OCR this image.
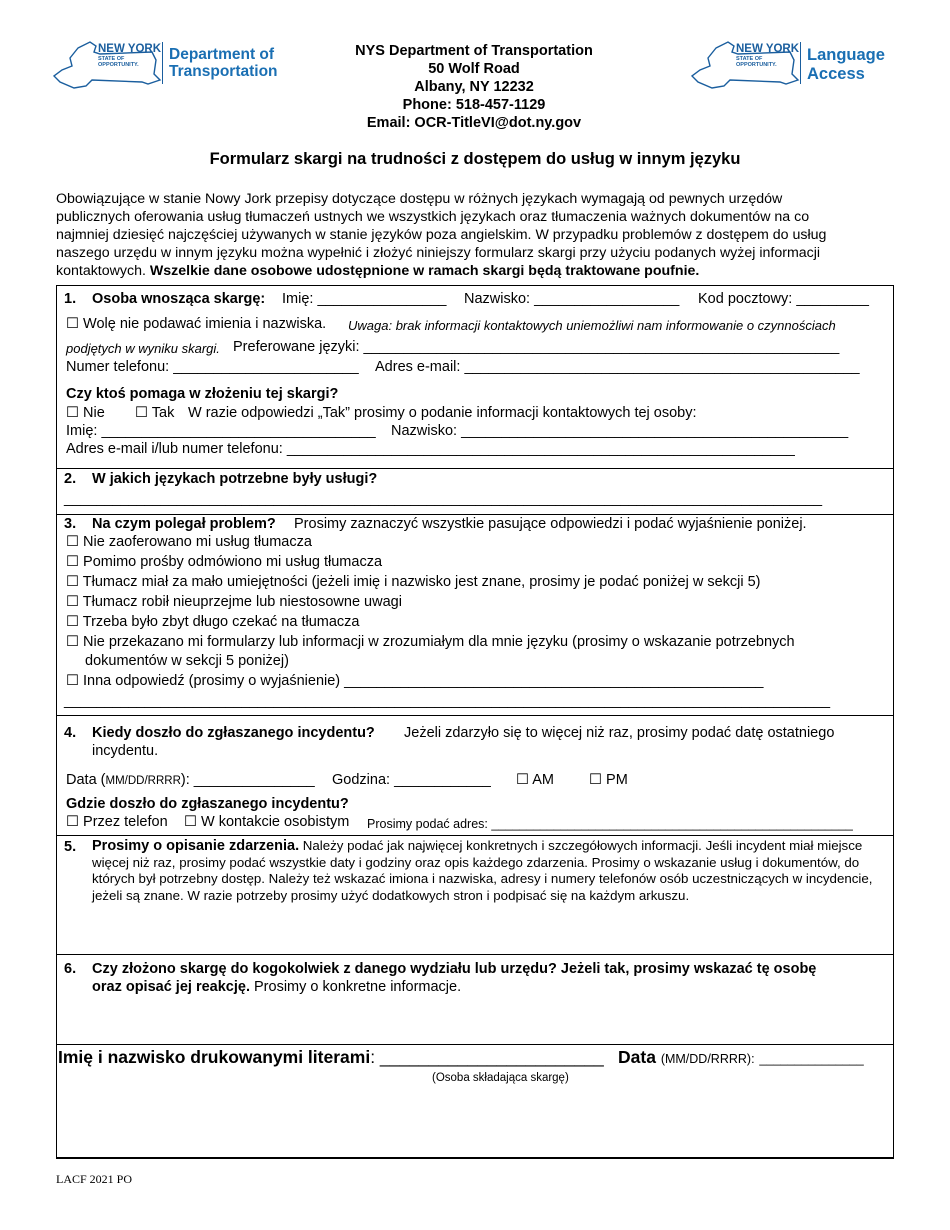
NEW YORK
STATE OF
OPPORTUNITY.
Department of
Transportation
NEW YORK
STATE OF
OPPORTUNITY.
Language
Access
NYS Department of Transportation
50 Wolf Road
Albany, NY 12232
Phone: 518-457-1129
Email: OCR-TitleVI@dot.ny.gov
Formularz skargi na trudności z dostępem do usług w innym języku
Obowiązujące w stanie Nowy Jork przepisy dotyczące dostępu w różnych językach wymagają od pewnych urzędów
publicznych oferowania usług tłumaczeń ustnych we wszystkich językach oraz tłumaczenia ważnych dokumentów na co
najmniej dziesięć najczęściej używanych w stanie języków poza angielskim. W przypadku problemów z dostępem do usług
naszego urzędu w innym języku można wypełnić i złożyć niniejszy formularz skargi przy użyciu podanych wyżej informacji
kontaktowych. Wszelkie dane osobowe udostępnione w ramach skargi będą traktowane poufnie.
1. Osoba wnosząca skargę: Imię: ________________ Nazwisko: __________________ Kod pocztowy: _________
☐ Wolę nie podawać imienia i nazwiska. Uwaga: brak informacji kontaktowych uniemożliwi nam informowanie o czynnościach
podjętych w wyniku skargi. Preferowane języki: ___________________________________________________________
Numer telefonu: _______________________ Adres e-mail: _________________________________________________
Czy ktoś pomaga w złożeniu tej skargi?
☐ Nie ☐ Tak W razie odpowiedzi „Tak” prosimy o podanie informacji kontaktowych tej osoby:
Imię: __________________________________ Nazwisko: ________________________________________________
Adres e-mail i/lub numer telefonu: _______________________________________________________________
2. W jakich językach potrzebne były usługi?
______________________________________________________________________________________________
3. Na czym polegał problem? Prosimy zaznaczyć wszystkie pasujące odpowiedzi i podać wyjaśnienie poniżej.
☐ Nie zaoferowano mi usług tłumacza
☐ Pomimo prośby odmówiono mi usług tłumacza
☐ Tłumacz miał za mało umiejętności (jeżeli imię i nazwisko jest znane, prosimy je podać poniżej w sekcji 5)
☐ Tłumacz robił nieuprzejme lub niestosowne uwagi
☐ Trzeba było zbyt długo czekać na tłumacza
☐ Nie przekazano mi formularzy lub informacji w zrozumiałym dla mnie języku (prosimy o wskazanie potrzebnych
dokumentów w sekcji 5 poniżej)
☐ Inna odpowiedź (prosimy o wyjaśnienie) ____________________________________________________
_______________________________________________________________________________________________
4. Kiedy doszło do zgłaszanego incydentu? Jeżeli zdarzyło się to więcej niż raz, prosimy podać datę ostatniego
incydentu.
Data (MM/DD/RRRR): _______________ Godzina: ____________ ☐ AM ☐ PM
Gdzie doszło do zgłaszanego incydentu?
☐ Przez telefon ☐ W kontakcie osobistym Prosimy podać adres: ____________________________________________________
5. Prosimy o opisanie zdarzenia. Należy podać jak najwięcej konkretnych i szczegółowych informacji. Jeśli incydent miał miejsce więcej niż raz, prosimy podać wszystkie daty i godziny oraz opis każdego zdarzenia. Prosimy o wskazanie usług i dokumentów, do których był potrzebny dostęp. Należy też wskazać imiona i nazwiska, adresy i numery telefonów osób uczestniczących w incydencie, jeżeli są znane. W razie potrzeby prosimy użyć dodatkowych stron i podpisać się na każdym arkuszu.
6. Czy złożono skargę do kogokolwiek z danego wydziału lub urzędu? Jeżeli tak, prosimy wskazać tę osobę
oraz opisać jej reakcję. Prosimy o konkretne informacje.
Imię i nazwisko drukowanymi literami: _______________________ Data (MM/DD/RRRR): _______________
(Osoba składająca skargę)
LACF 2021 PO
